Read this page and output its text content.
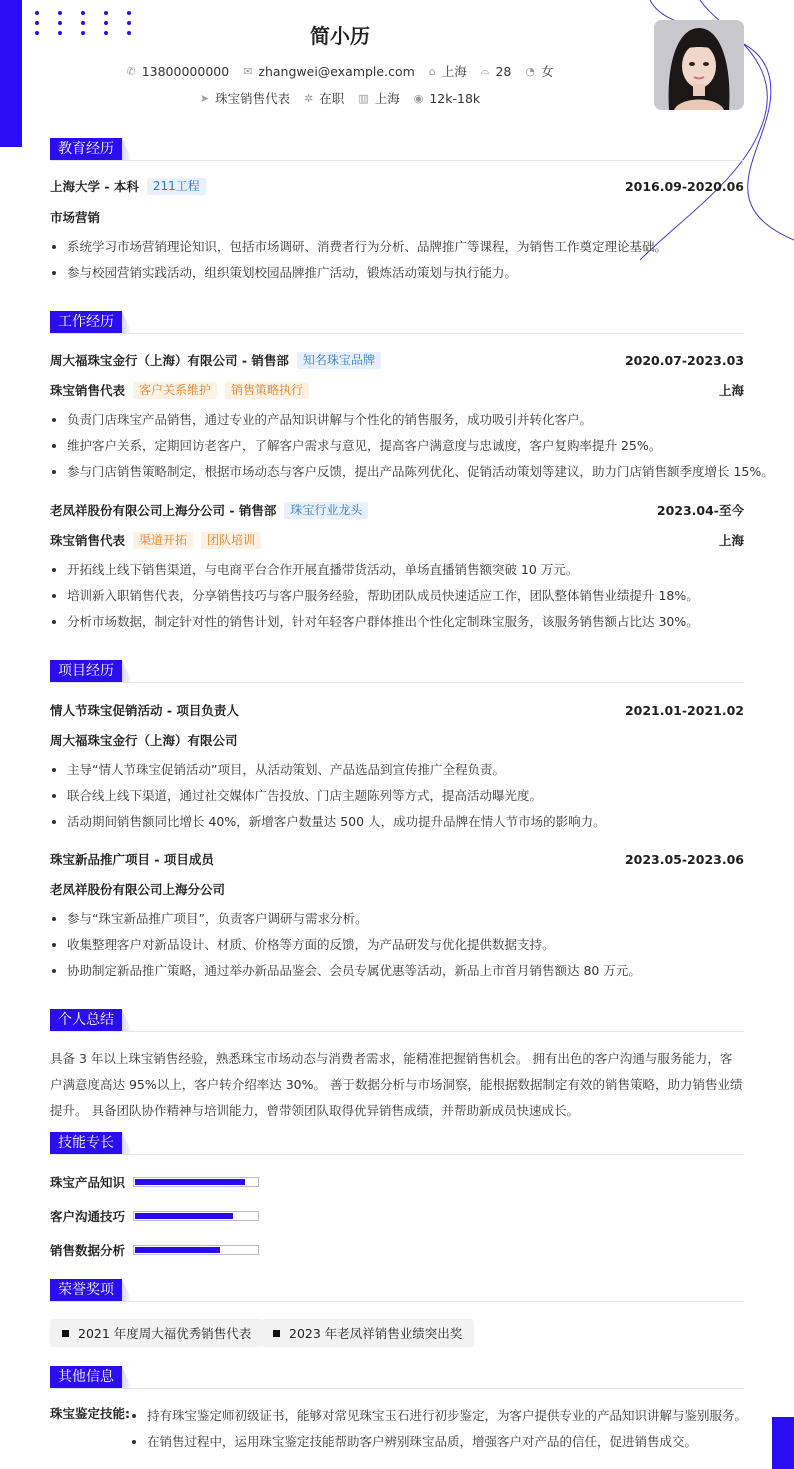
简小历
✆ 13800000000 ✉ zhangwei@example.com ⌂ 上海 ⌓ 28 ◔ 女
➤ 珠宝销售代表 ✲ 在职 ▥ 上海 ◉ 12k-18k
教育经历
上海大学 - 本科	211工程	2016.09-2020.06
市场营销
系统学习市场营销理论知识，包括市场调研、消费者行为分析、品牌推广等课程，为销售工作奠定理论基础。
参与校园营销实践活动，组织策划校园品牌推广活动，锻炼活动策划与执行能力。
工作经历
周大福珠宝金行（上海）有限公司 - 销售部	知名珠宝品牌	2020.07-2023.03
珠宝销售代表	客户关系维护	销售策略执行	上海
负责门店珠宝产品销售，通过专业的产品知识讲解与个性化的销售服务，成功吸引并转化客户。
维护客户关系，定期回访老客户，了解客户需求与意见，提高客户满意度与忠诚度，客户复购率提升 25%。
参与门店销售策略制定，根据市场动态与客户反馈，提出产品陈列优化、促销活动策划等建议，助力门店销售额季度增长 15%。
老凤祥股份有限公司上海分公司 - 销售部	珠宝行业龙头	2023.04-至今
珠宝销售代表	渠道开拓	团队培训	上海
开拓线上线下销售渠道，与电商平台合作开展直播带货活动，单场直播销售额突破 10 万元。
培训新入职销售代表，分享销售技巧与客户服务经验，帮助团队成员快速适应工作，团队整体销售业绩提升 18%。
分析市场数据，制定针对性的销售计划，针对年轻客户群体推出个性化定制珠宝服务，该服务销售额占比达 30%。
项目经历
情人节珠宝促销活动 - 项目负责人	2021.01-2021.02
周大福珠宝金行（上海）有限公司
主导“情人节珠宝促销活动”项目，从活动策划、产品选品到宣传推广全程负责。
联合线上线下渠道，通过社交媒体广告投放、门店主题陈列等方式，提高活动曝光度。
活动期间销售额同比增长 40%，新增客户数量达 500 人，成功提升品牌在情人节市场的影响力。
珠宝新品推广项目 - 项目成员	2023.05-2023.06
老凤祥股份有限公司上海分公司
参与“珠宝新品推广项目”，负责客户调研与需求分析。
收集整理客户对新品设计、材质、价格等方面的反馈，为产品研发与优化提供数据支持。
协助制定新品推广策略，通过举办新品品鉴会、会员专属优惠等活动，新品上市首月销售额达 80 万元。
个人总结

具备 3 年以上珠宝销售经验，熟悉珠宝市场动态与消费者需求，能精准把握销售机会。 拥有出色的客户沟通与服务能力，客户满意度高达 95%以上，客户转介绍率达 30%。 善于数据分析与市场洞察，能根据数据制定有效的销售策略，助力销售业绩提升。 具备团队协作精神与培训能力，曾带领团队取得优异销售成绩，并帮助新成员快速成长。

技能专长
珠宝产品知识
客户沟通技巧
销售数据分析
荣誉奖项
2021 年度周大福优秀销售代表	2023 年老凤祥销售业绩突出奖
其他信息
珠宝鉴定技能:	持有珠宝鉴定师初级证书，能够对常见珠宝玉石进行初步鉴定，为客户提供专业的产品知识讲解与鉴别服务。
在销售过程中，运用珠宝鉴定技能帮助客户辨别珠宝品质，增强客户对产品的信任，促进销售成交。
